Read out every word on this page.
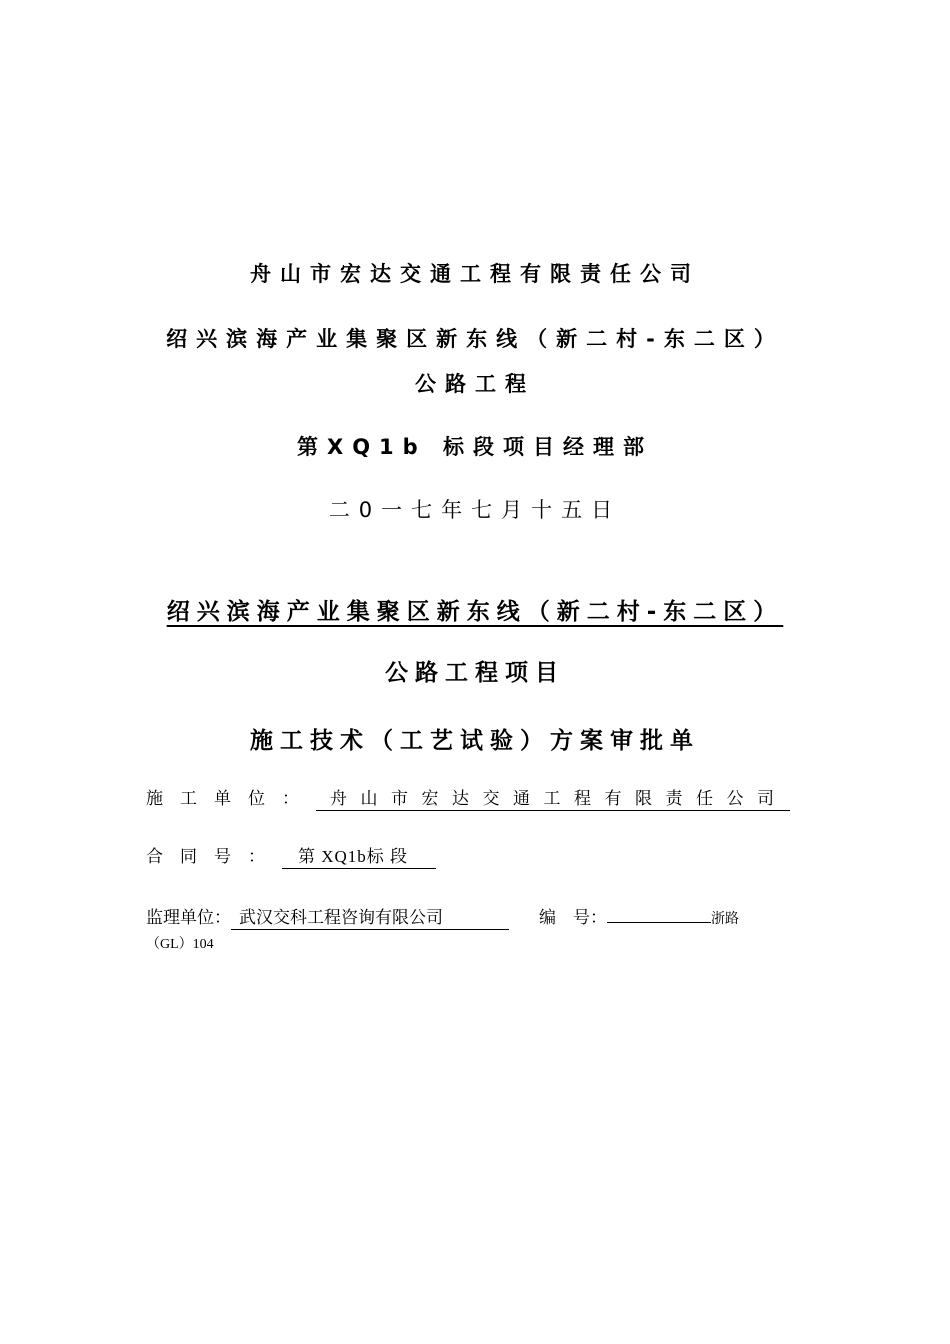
舟山市宏达交通工程有限责任公司
绍兴滨海产业集聚区新东线（新二村-东二区）
公路工程
第XQ1b 标段项目经理部
二0一七年七月十五日
绍兴滨海产业集聚区新东线（新二村-东二区）
公路工程项目
施工技术（工艺试验）方案审批单
施工单位： 舟山市宏达交通工程有限责任公司
合同号： 第 XQ1b标 段
监理单位： 武汉交科工程咨询有限公司	编　号：	浙路
（GL）104
